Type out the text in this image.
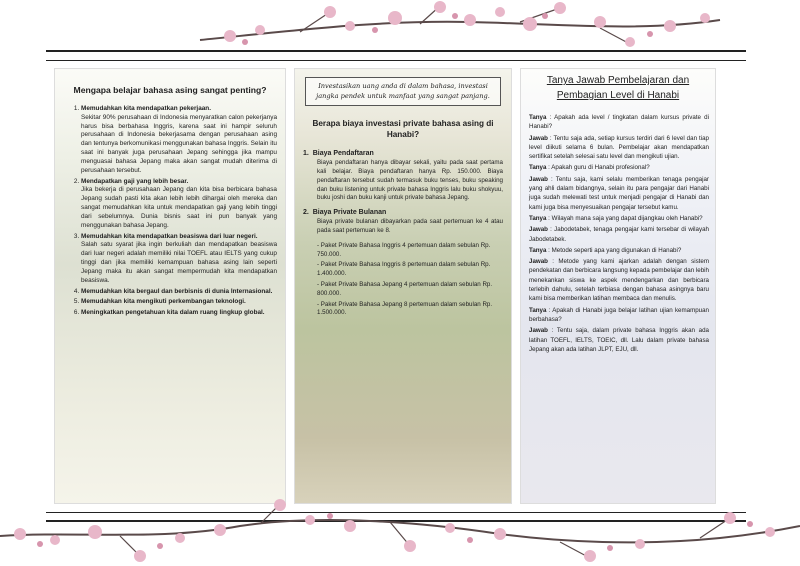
Mengapa belajar bahasa asing sangat penting?
1. Memudahkan kita mendapatkan pekerjaan.
Sekitar 90% perusahaan di Indonesia menyaratkan calon pekerjanya harus bisa berbahasa Inggris, karena saat ini hampir seluruh perusahaan di Indonesia bekerjasama dengan perusahaan asing dan tentunya berkomunikasi menggunakan bahasa Inggris. Selain itu saat ini banyak juga perusahaan Jepang sehingga jika mampu menguasai bahasa Jepang maka akan sangat mudah diterima di perusahaan tersebut.
2. Mendapatkan gaji yang lebih besar.
Jika bekerja di perusahaan Jepang dan kita bisa berbicara bahasa Jepang sudah pasti kita akan lebih lebih dihargai oleh mereka dan sangat memudahkan kita untuk mendapatkan gaji yang lebih tinggi dari sebelumnya. Dunia bisnis saat ini pun banyak yang menggunakan bahasa Jepang.
3. Memudahkan kita mendapatkan beasiswa dari luar negeri.
Salah satu syarat jika ingin berkuliah dan mendapatkan beasiswa dari luar negeri adalah memiliki nilai TOEFL atau IELTS yang cukup tinggi dan jika memiliki kemampuan bahasa asing lain seperti Jepang maka itu akan sangat mempermudah kita mendapatkan beasiswa.
4. Memudahkan kita bergaul dan berbisnis di dunia Internasional.
5. Memudahkan kita mengikuti perkembangan teknologi.
6. Meningkatkan pengetahuan kita dalam ruang lingkup global.
Investasikan uang anda di dalam bahasa, investasi jangka pendek untuk manfaat yang sangat panjang.
Berapa biaya investasi private bahasa asing di Hanabi?
1. Biaya Pendaftaran
Biaya pendaftaran hanya dibayar sekali, yaitu pada saat pertama kali belajar. Biaya pendaftaran hanya Rp. 150.000. Biaya pendaftaran tersebut sudah termasuk buku tenses, buku speaking dan buku listening untuk private bahasa Inggris lalu buku shokyuu, buku joshi dan buku kanji untuk private bahasa Jepang.
2. Biaya Private Bulanan
Biaya private bulanan dibayarkan pada saat pertemuan ke 4 atau pada saat pertemuan ke 8.
- Paket Private Bahasa Inggris 4 pertemuan dalam sebulan Rp. 750.000.
- Paket Private Bahasa Inggris 8 pertemuan dalam sebulan Rp. 1.400.000.
- Paket Private Bahasa Jepang 4 pertemuan dalam sebulan Rp. 800.000.
- Paket Private Bahasa Jepang 8 pertemuan dalam sebulan Rp. 1.500.000.
Tanya Jawab Pembelajaran dan
Pembagian Level di Hanabi

Tanya : Apakah ada level / tingkatan dalam kursus private di Hanabi?

Jawab : Tentu saja ada, setiap kursus terdiri dari 6 level dan tiap level diikuti selama 6 bulan. Pembelajar akan mendapatkan sertifikat setelah selesai satu level dan mengikuti ujian.

Tanya : Apakah guru di Hanabi profesional?

Jawab : Tentu saja, kami selalu memberikan tenaga pengajar yang ahli dalam bidangnya, selain itu para pengajar dari Hanabi juga sudah melewati test untuk menjadi pengajar di Hanabi dan kami juga bisa menyesuaikan pengajar tersebut kamu.

Tanya : Wilayah mana saja yang dapat dijangkau oleh Hanabi?

Jawab : Jabodetabek, tenaga pengajar kami tersebar di wilayah Jabodetabek.

Tanya : Metode seperti apa yang digunakan di Hanabi?

Jawab : Metode yang kami ajarkan adalah dengan sistem pendekatan dan berbicara langsung kepada pembelajar dan lebih menekankan siswa ke aspek mendengarkan dan berbicara terlebih dahulu, setelah terbiasa dengan bahasa asingnya baru kami bisa memberikan latihan membaca dan menulis.

Tanya : Apakah di Hanabi juga belajar latihan ujian kemampuan berbahasa?

Jawab : Tentu saja, dalam private bahasa Inggris akan ada latihan TOEFL, IELTS, TOEIC, dll. Lalu dalam private bahasa Jepang akan ada latihan JLPT, EJU, dll.
